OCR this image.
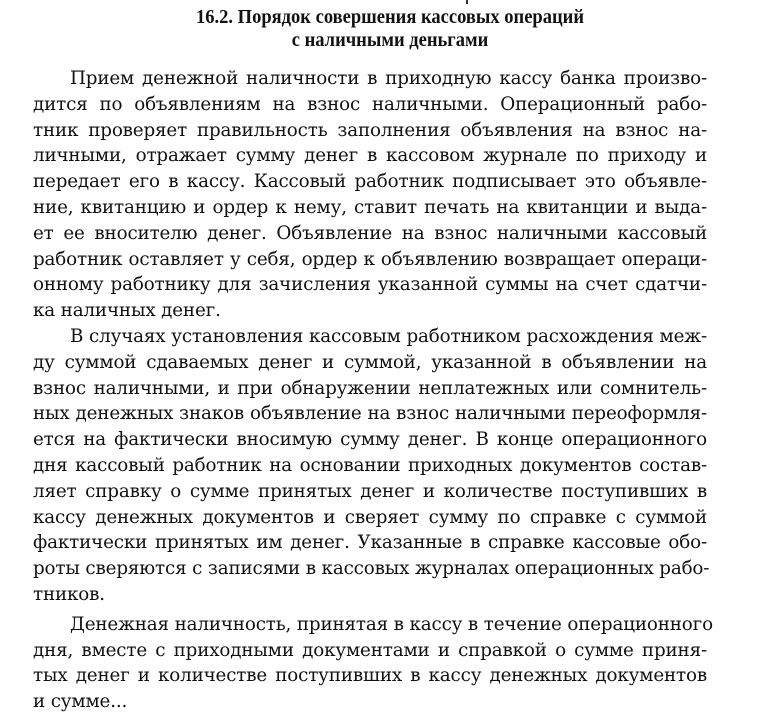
16.2. Порядок совершения кассовых операций
с наличными деньгами

Прием денежной наличности в приходную кассу банка произво-
дится по объявлениям на взнос наличными. Операционный рабо-
тник проверяет правильность заполнения объявления на взнос на-
личными, отражает сумму денег в кассовом журнале по приходу и
передает его в кассу. Кассовый работник подписывает это объявле-
ние, квитанцию и ордер к нему, ставит печать на квитанции и выда-
ет ее вносителю денег. Объявление на взнос наличными кассовый
работник оставляет у себя, ордер к объявлению возвращает операци-
онному работнику для зачисления указанной суммы на счет сдатчи-
ка наличных денег.

В случаях установления кассовым работником расхождения меж-
ду суммой сдаваемых денег и суммой, указанной в объявлении на
взнос наличными, и при обнаружении неплатежных или сомнитель-
ных денежных знаков объявление на взнос наличными переоформля-
ется на фактически вносимую сумму денег. В конце операционного
дня кассовый работник на основании приходных документов состав-
ляет справку о сумме принятых денег и количестве поступивших в
кассу денежных документов и сверяет сумму по справке с суммой
фактически принятых им денег. Указанные в справке кассовые обо-
роты сверяются с записями в кассовых журналах операционных рабо-
тников.

Денежная наличность, принятая в кассу в течение операционного
дня, вместе с приходными документами и справкой о сумме приня-
тых денег и количестве поступивших в кассу денежных документов
и сумме...
